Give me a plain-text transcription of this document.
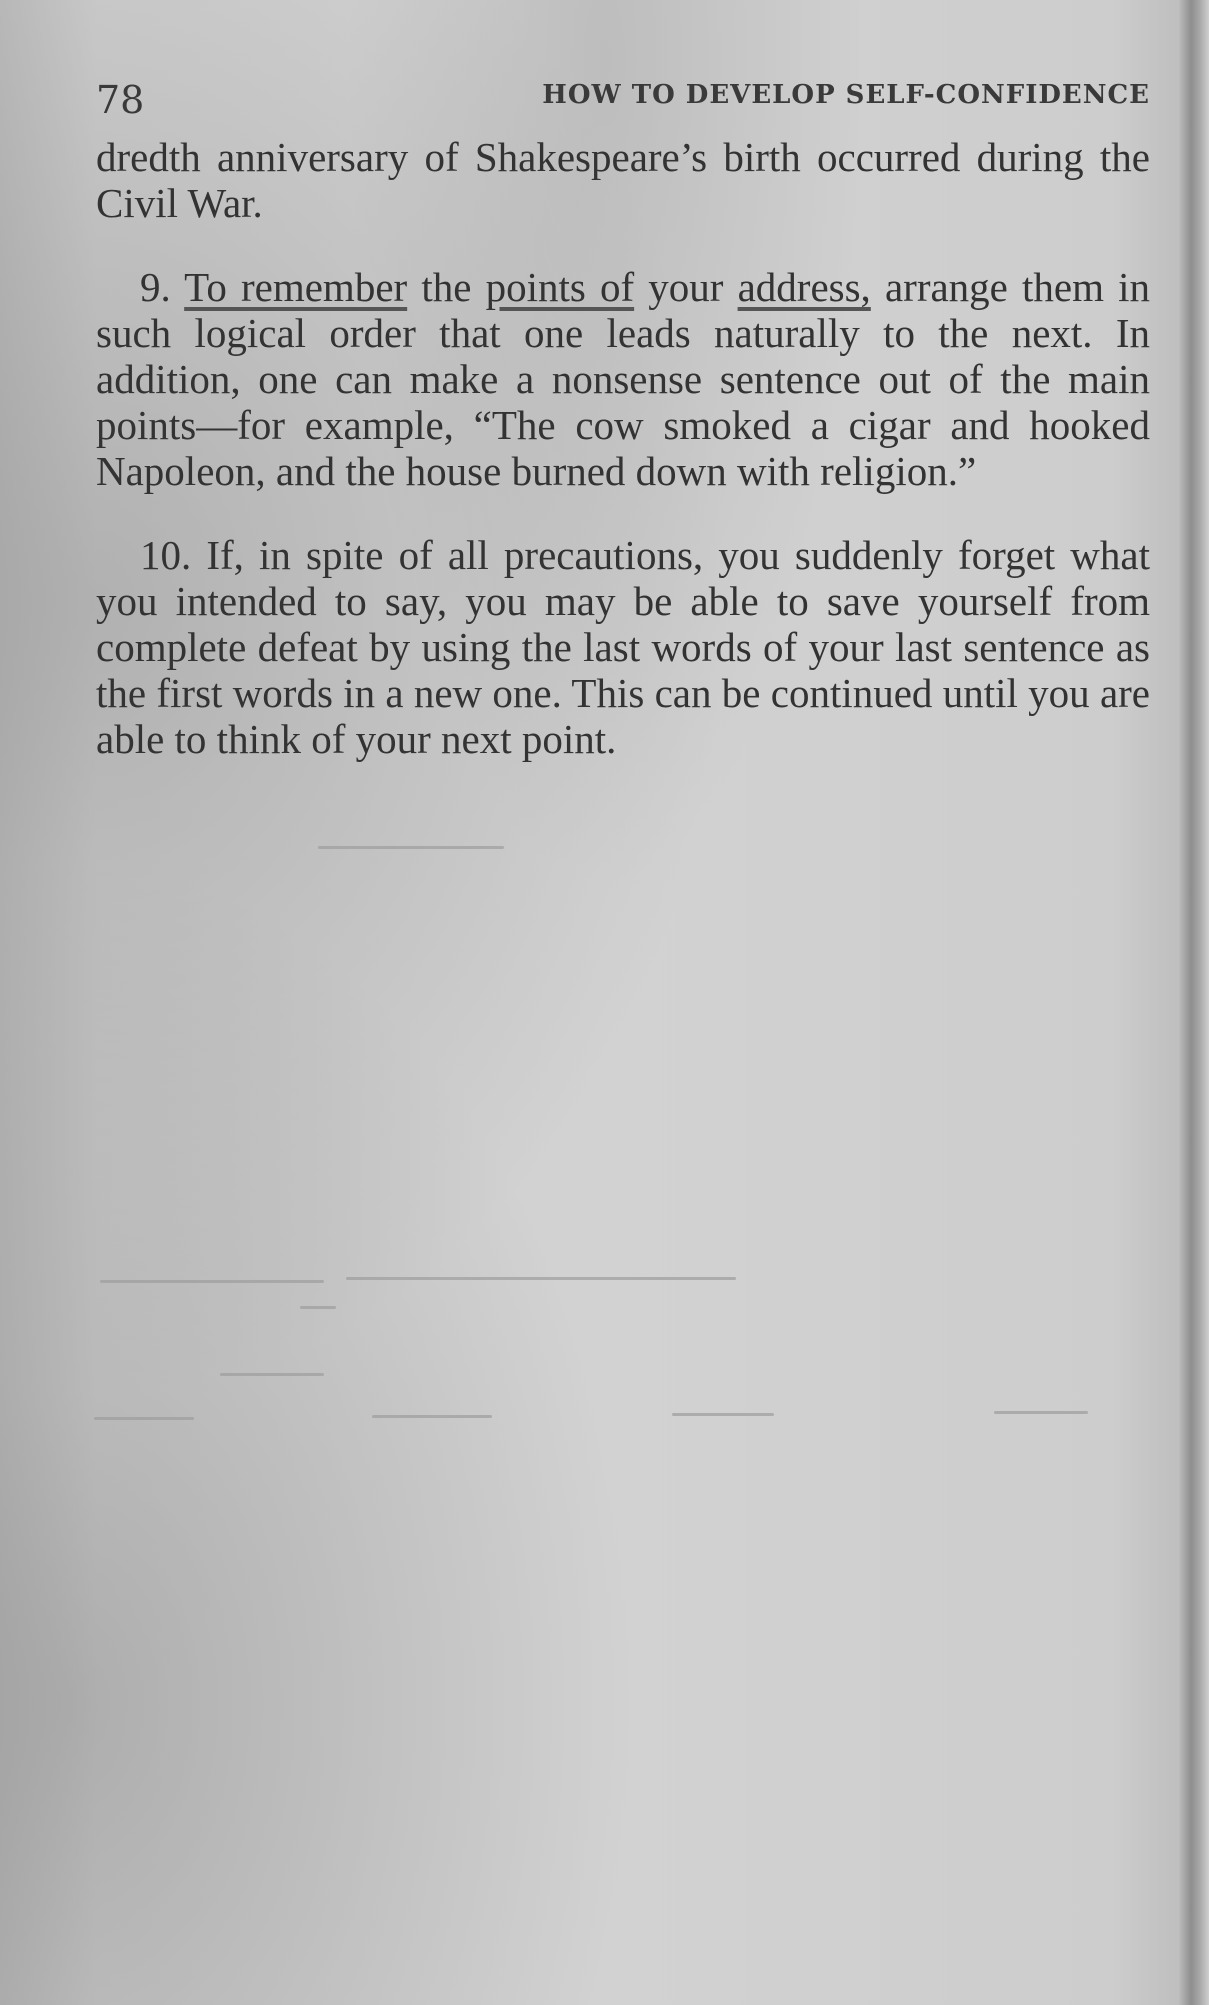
78	HOW TO DEVELOP SELF-CONFIDENCE

dredth anniversary of Shakespeare’s birth occurred during the Civil War.

9. To remember the points of your address, arrange them in such logical order that one leads naturally to the next. In addition, one can make a nonsense sentence out of the main points—for example, “The cow smoked a cigar and hooked Napoleon, and the house burned down with religion.”

10. If, in spite of all precautions, you suddenly forget what you intended to say, you may be able to save yourself from complete defeat by using the last words of your last sentence as the first words in a new one. This can be continued until you are able to think of your next point.
